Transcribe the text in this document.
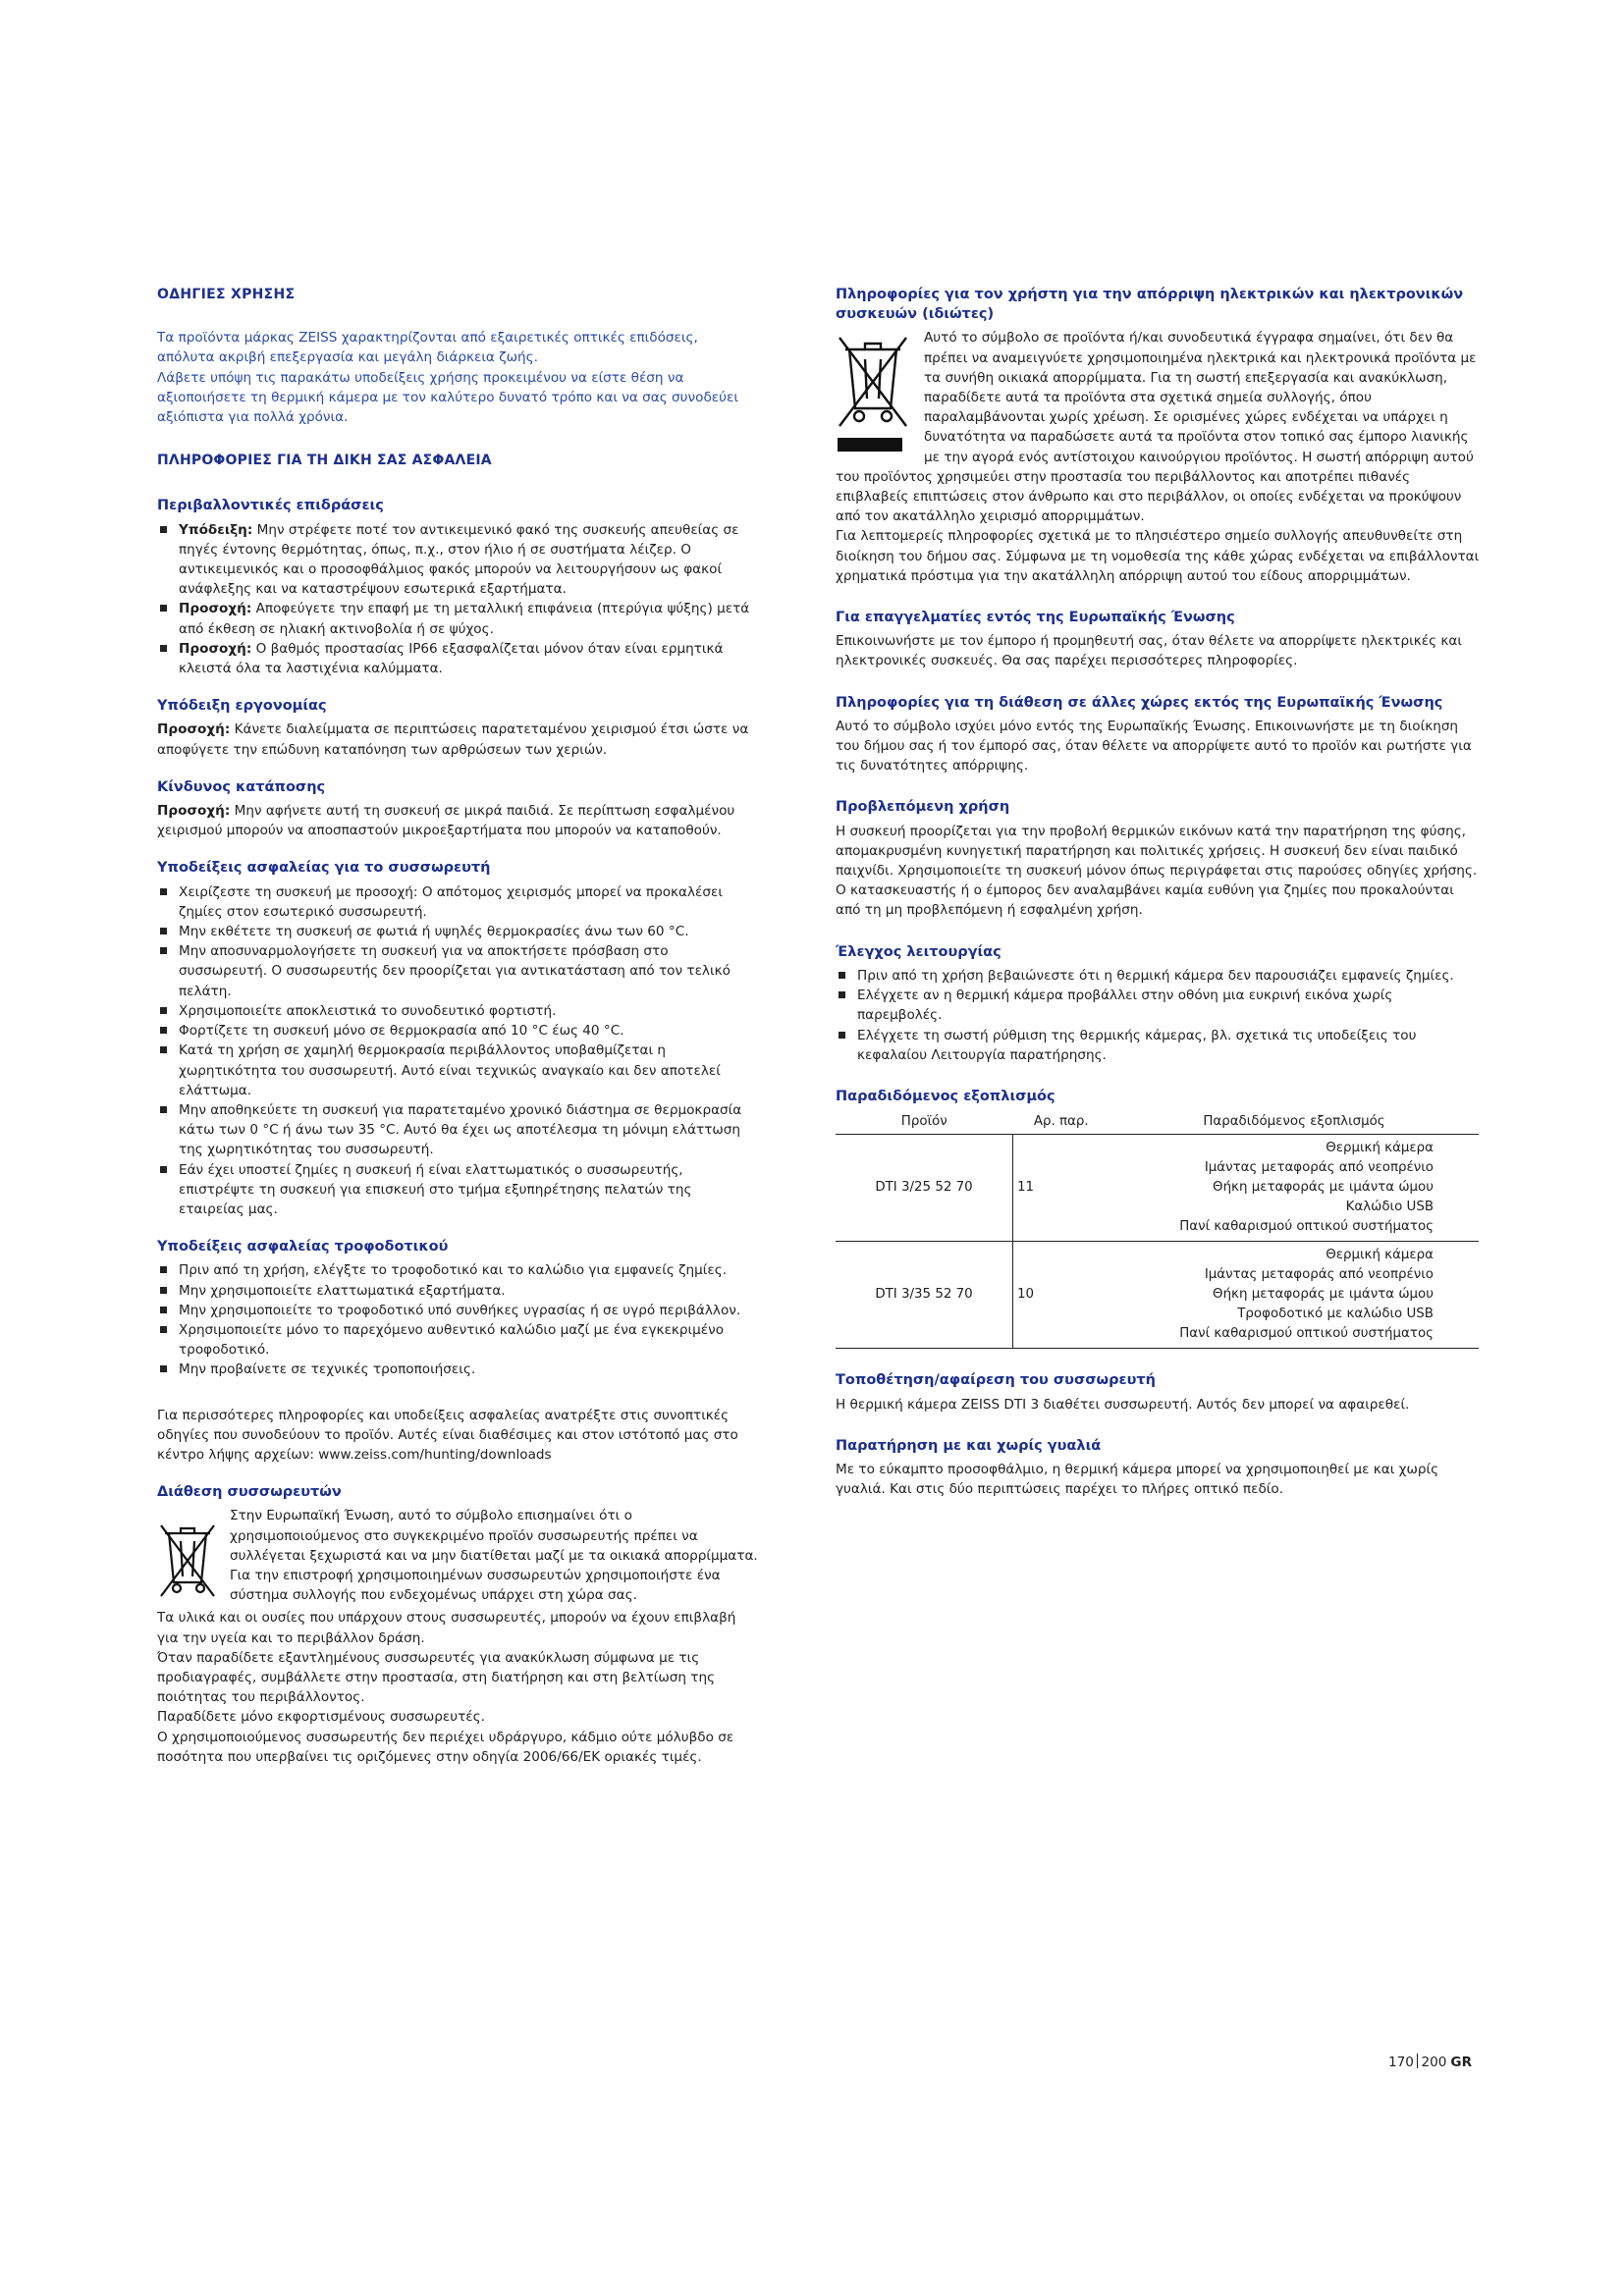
ΟΔΗΓΙΕΣ ΧΡΗΣΗΣ

Τα προϊόντα μάρκας ZEISS χαρακτηρίζονται από εξαιρετικές οπτικές επιδόσεις, απόλυτα ακριβή επεξεργασία και μεγάλη διάρκεια ζωής.

Λάβετε υπόψη τις παρακάτω υποδείξεις χρήσης προκειμένου να είστε θέση να αξιοποιήσετε τη θερμική κάμερα με τον καλύτερο δυνατό τρόπο και να σας συνοδεύει αξιόπιστα για πολλά χρόνια.

ΠΛΗΡΟΦΟΡΙΕΣ ΓΙΑ ΤΗ ΔΙΚΗ ΣΑΣ ΑΣΦΑΛΕΙΑ
Περιβαλλοντικές επιδράσεις
Υπόδειξη: Μην στρέφετε ποτέ τον αντικειμενικό φακό της συσκευής απευθείας σε πηγές έντονης θερμότητας, όπως, π.χ., στον ήλιο ή σε συστήματα λέιζερ. Ο αντικειμενικός και ο προσοφθάλμιος φακός μπορούν να λειτουργήσουν ως φακοί ανάφλεξης και να καταστρέψουν εσωτερικά εξαρτήματα.
Προσοχή: Αποφεύγετε την επαφή με τη μεταλλική επιφάνεια (πτερύγια ψύξης) μετά από έκθεση σε ηλιακή ακτινοβολία ή σε ψύχος.
Προσοχή: Ο βαθμός προστασίας IP66 εξασφαλίζεται μόνον όταν είναι ερμητικά κλειστά όλα τα λαστιχένια καλύμματα.
Υπόδειξη εργονομίας

Προσοχή: Κάνετε διαλείμματα σε περιπτώσεις παρατεταμένου χειρισμού έτσι ώστε να αποφύγετε την επώδυνη καταπόνηση των αρθρώσεων των χεριών.

Κίνδυνος κατάποσης

Προσοχή: Μην αφήνετε αυτή τη συσκευή σε μικρά παιδιά. Σε περίπτωση εσφαλμένου χειρισμού μπορούν να αποσπαστούν μικροεξαρτήματα που μπορούν να καταποθούν.

Υποδείξεις ασφαλείας για το συσσωρευτή
Χειρίζεστε τη συσκευή με προσοχή: Ο απότομος χειρισμός μπορεί να προκαλέσει ζημίες στον εσωτερικό συσσωρευτή.
Μην εκθέτετε τη συσκευή σε φωτιά ή υψηλές θερμοκρασίες άνω των 60 °C.
Μην αποσυναρμολογήσετε τη συσκευή για να αποκτήσετε πρόσβαση στο συσσωρευτή. Ο συσσωρευτής δεν προορίζεται για αντικατάσταση από τον τελικό πελάτη.
Χρησιμοποιείτε αποκλειστικά το συνοδευτικό φορτιστή.
Φορτίζετε τη συσκευή μόνο σε θερμοκρασία από 10 °C έως 40 °C.
Κατά τη χρήση σε χαμηλή θερμοκρασία περιβάλλοντος υποβαθμίζεται η χωρητικότητα του συσσωρευτή. Αυτό είναι τεχνικώς αναγκαίο και δεν αποτελεί ελάττωμα.
Μην αποθηκεύετε τη συσκευή για παρατεταμένο χρονικό διάστημα σε θερμοκρασία κάτω των 0 °C ή άνω των 35 °C. Αυτό θα έχει ως αποτέλεσμα τη μόνιμη ελάττωση της χωρητικότητας του συσσωρευτή.
Εάν έχει υποστεί ζημίες η συσκευή ή είναι ελαττωματικός ο συσσωρευτής, επιστρέψτε τη συσκευή για επισκευή στο τμήμα εξυπηρέτησης πελατών της εταιρείας μας.
Υποδείξεις ασφαλείας τροφοδοτικού
Πριν από τη χρήση, ελέγξτε το τροφοδοτικό και το καλώδιο για εμφανείς ζημίες.
Μην χρησιμοποιείτε ελαττωματικά εξαρτήματα.
Μην χρησιμοποιείτε το τροφοδοτικό υπό συνθήκες υγρασίας ή σε υγρό περιβάλλον.
Χρησιμοποιείτε μόνο το παρεχόμενο αυθεντικό καλώδιο μαζί με ένα εγκεκριμένο τροφοδοτικό.
Μην προβαίνετε σε τεχνικές τροποποιήσεις.

Για περισσότερες πληροφορίες και υποδείξεις ασφαλείας ανατρέξτε στις συνοπτικές οδηγίες που συνοδεύουν το προϊόν. Αυτές είναι διαθέσιμες και στον ιστότοπό μας στο κέντρο λήψης αρχείων: www.zeiss.com/hunting/downloads

Διάθεση συσσωρευτών

Στην Ευρωπαϊκή Ένωση, αυτό το σύμβολο επισημαίνει ότι ο χρησιμοποιούμενος στο συγκεκριμένο προϊόν συσσωρευτής πρέπει να συλλέγεται ξεχωριστά και να μην διατίθεται μαζί με τα οικιακά απορρίμματα. Για την επιστροφή χρησιμοποιημένων συσσωρευτών χρησιμοποιήστε ένα σύστημα συλλογής που ενδεχομένως υπάρχει στη χώρα σας.

Τα υλικά και οι ουσίες που υπάρχουν στους συσσωρευτές, μπορούν να έχουν επιβλαβή για την υγεία και το περιβάλλον δράση.

Όταν παραδίδετε εξαντλημένους συσσωρευτές για ανακύκλωση σύμφωνα με τις προδιαγραφές, συμβάλλετε στην προστασία, στη διατήρηση και στη βελτίωση της ποιότητας του περιβάλλοντος.

Παραδίδετε μόνο εκφορτισμένους συσσωρευτές.

Ο χρησιμοποιούμενος συσσωρευτής δεν περιέχει υδράργυρο, κάδμιο ούτε μόλυβδο σε ποσότητα που υπερβαίνει τις οριζόμενες στην οδηγία 2006/66/ΕΚ οριακές τιμές.

Πληροφορίες για τον χρήστη για την απόρριψη ηλεκτρικών και ηλεκτρονικών συσκευών (ιδιώτες)

Αυτό το σύμβολο σε προϊόντα ή/και συνοδευτικά έγγραφα σημαίνει, ότι δεν θα πρέπει να αναμειγνύετε χρησιμοποιημένα ηλεκτρικά και ηλεκτρονικά προϊόντα με τα συνήθη οικιακά απορρίμματα. Για τη σωστή επεξεργασία και ανακύκλωση, παραδίδετε αυτά τα προϊόντα στα σχετικά σημεία συλλογής, όπου παραλαμβάνονται χωρίς χρέωση. Σε ορισμένες χώρες ενδέχεται να υπάρχει η δυνατότητα να παραδώσετε αυτά τα προϊόντα στον τοπικό σας έμπορο λιανικής με την αγορά ενός αντίστοιχου καινούργιου προϊόντος. Η σωστή απόρριψη αυτού του προϊόντος χρησιμεύει στην προστασία του περιβάλλοντος και αποτρέπει πιθανές επιβλαβείς επιπτώσεις στον άνθρωπο και στο περιβάλλον, οι οποίες ενδέχεται να προκύψουν από τον ακατάλληλο χειρισμό απορριμμάτων.

Για λεπτομερείς πληροφορίες σχετικά με το πλησιέστερο σημείο συλλογής απευθυνθείτε στη διοίκηση του δήμου σας. Σύμφωνα με τη νομοθεσία της κάθε χώρας ενδέχεται να επιβάλλονται χρηματικά πρόστιμα για την ακατάλληλη απόρριψη αυτού του είδους απορριμμάτων.

Για επαγγελματίες εντός της Ευρωπαϊκής Ένωσης

Επικοινωνήστε με τον έμπορο ή προμηθευτή σας, όταν θέλετε να απορρίψετε ηλεκτρικές και ηλεκτρονικές συσκευές. Θα σας παρέχει περισσότερες πληροφορίες.

Πληροφορίες για τη διάθεση σε άλλες χώρες εκτός της Ευρωπαϊκής Ένωσης

Αυτό το σύμβολο ισχύει μόνο εντός της Ευρωπαϊκής Ένωσης. Επικοινωνήστε με τη διοίκηση του δήμου σας ή τον έμπορό σας, όταν θέλετε να απορρίψετε αυτό το προϊόν και ρωτήστε για τις δυνατότητες απόρριψης.

Προβλεπόμενη χρήση

Η συσκευή προορίζεται για την προβολή θερμικών εικόνων κατά την παρατήρηση της φύσης, απομακρυσμένη κυνηγετική παρατήρηση και πολιτικές χρήσεις. Η συσκευή δεν είναι παιδικό παιχνίδι. Χρησιμοποιείτε τη συσκευή μόνον όπως περιγράφεται στις παρούσες οδηγίες χρήσης. Ο κατασκευαστής ή ο έμπορος δεν αναλαμβάνει καμία ευθύνη για ζημίες που προκαλούνται από τη μη προβλεπόμενη ή εσφαλμένη χρήση.

Έλεγχος λειτουργίας
Πριν από τη χρήση βεβαιώνεστε ότι η θερμική κάμερα δεν παρουσιάζει εμφανείς ζημίες.
Ελέγχετε αν η θερμική κάμερα προβάλλει στην οθόνη μια ευκρινή εικόνα χωρίς παρεμβολές.
Ελέγχετε τη σωστή ρύθμιση της θερμικής κάμερας, βλ. σχετικά τις υποδείξεις του κεφαλαίου Λειτουργία παρατήρησης.
Παραδιδόμενος εξοπλισμός
Προϊόν	Αρ. παρ.	Παραδιδόμενος εξοπλισμός
DTI 3/25 52 70	11	Θερμική κάμερα
Ιμάντας μεταφοράς από νεοπρένιο
Θήκη μεταφοράς με ιμάντα ώμου
Καλώδιο USB
Πανί καθαρισμού οπτικού συστήματος

DTI 3/35 52 70	10	Θερμική κάμερα
Ιμάντας μεταφοράς από νεοπρένιο
Θήκη μεταφοράς με ιμάντα ώμου
Τροφοδοτικό με καλώδιο USB
Πανί καθαρισμού οπτικού συστήματος
Τοποθέτηση/αφαίρεση του συσσωρευτή

Η θερμική κάμερα ZEISS DTI 3 διαθέτει συσσωρευτή. Αυτός δεν μπορεί να αφαιρεθεί.

Παρατήρηση με και χωρίς γυαλιά

Με το εύκαμπτο προσοφθάλμιο, η θερμική κάμερα μπορεί να χρησιμοποιηθεί με και χωρίς γυαλιά. Και στις δύο περιπτώσεις παρέχει το πλήρες οπτικό πεδίο.

170 200 GR
